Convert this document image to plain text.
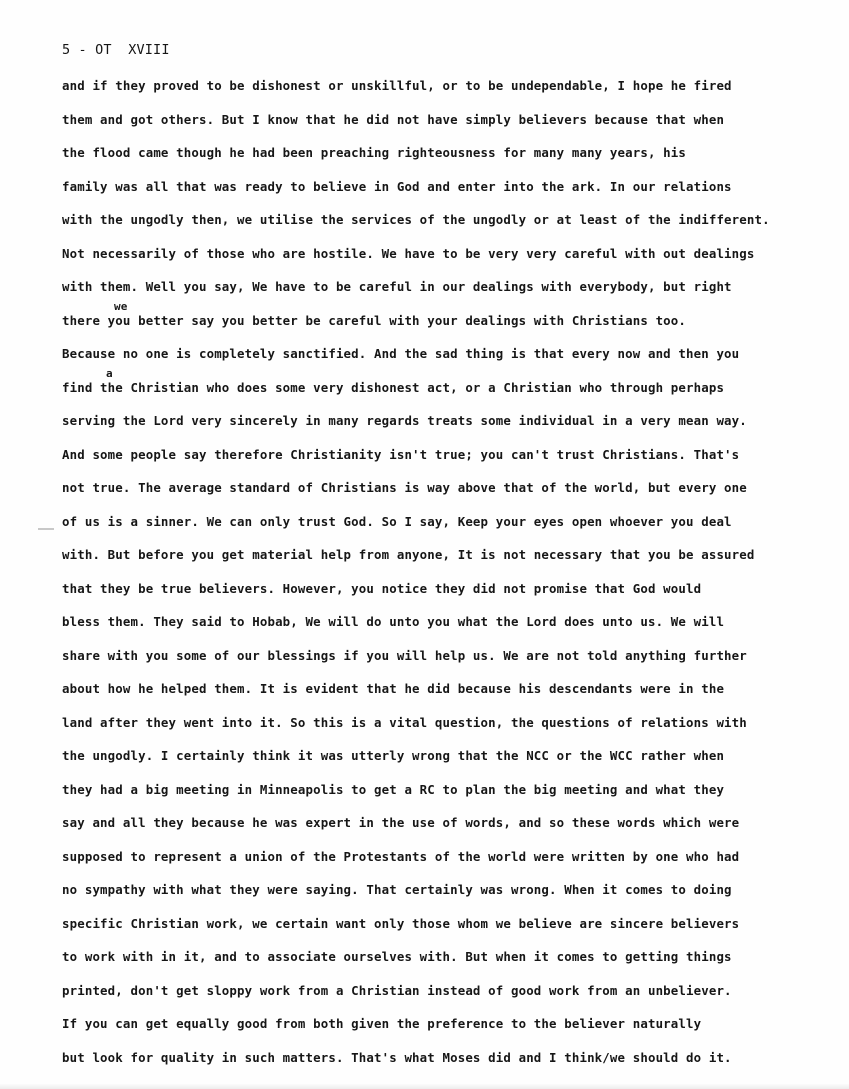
5 - OT  XVIII
and if they proved to be dishonest or unskillful, or to be undependable, I hope he fired
them and got others. But I know that he did not have simply believers because that when
the flood came though he had been preaching righteousness for many many years, his
family was all that was ready to believe in God and enter into the ark. In our relations
with the ungodly then, we utilise the services of the ungodly or at least of the indifferent.
Not necessarily of those who are hostile. We have to be very very careful with out dealings
with them. Well you say, We have to be careful in our dealings with everybody, but right
we
there you better say you better be careful with your dealings with Christians too.
Because no one is completely sanctified. And the sad thing is that every now and then you
a
find the Christian who does some very dishonest act, or a Christian who through perhaps
serving the Lord very sincerely in many regards treats some individual in a very mean way.
And some people say therefore Christianity isn't true; you can't trust Christians. That's
not true. The average standard of Christians is way above that of the world, but every one
of us is a sinner. We can only trust God. So I say, Keep your eyes open whoever you deal
with. But before you get material help from anyone, It is not necessary that you be assured
that they be true believers. However, you notice they did not promise that God would
bless them. They said to Hobab, We will do unto you what the Lord does unto us. We will
share with you some of our blessings if you will help us. We are not told anything further
about how he helped them. It is evident that he did because his descendants were in the
land after they went into it. So this is a vital question, the questions of relations with
the ungodly. I certainly think it was utterly wrong that the NCC or the WCC rather when
they had a big meeting in Minneapolis to get a RC to plan the big meeting and what they
say and all they because he was expert in the use of words, and so these words which were
supposed to represent a union of the Protestants of the world were written by one who had
no sympathy with what they were saying. That certainly was wrong. When it comes to doing
specific Christian work, we certain want only those whom we believe are sincere believers
to work with in it, and to associate ourselves with. But when it comes to getting things
printed, don't get sloppy work from a Christian instead of good work from an unbeliever.
If you can get equally good from both given the preference to the believer naturally
but look for quality in such matters. That's what Moses did and I think/we should do it.
